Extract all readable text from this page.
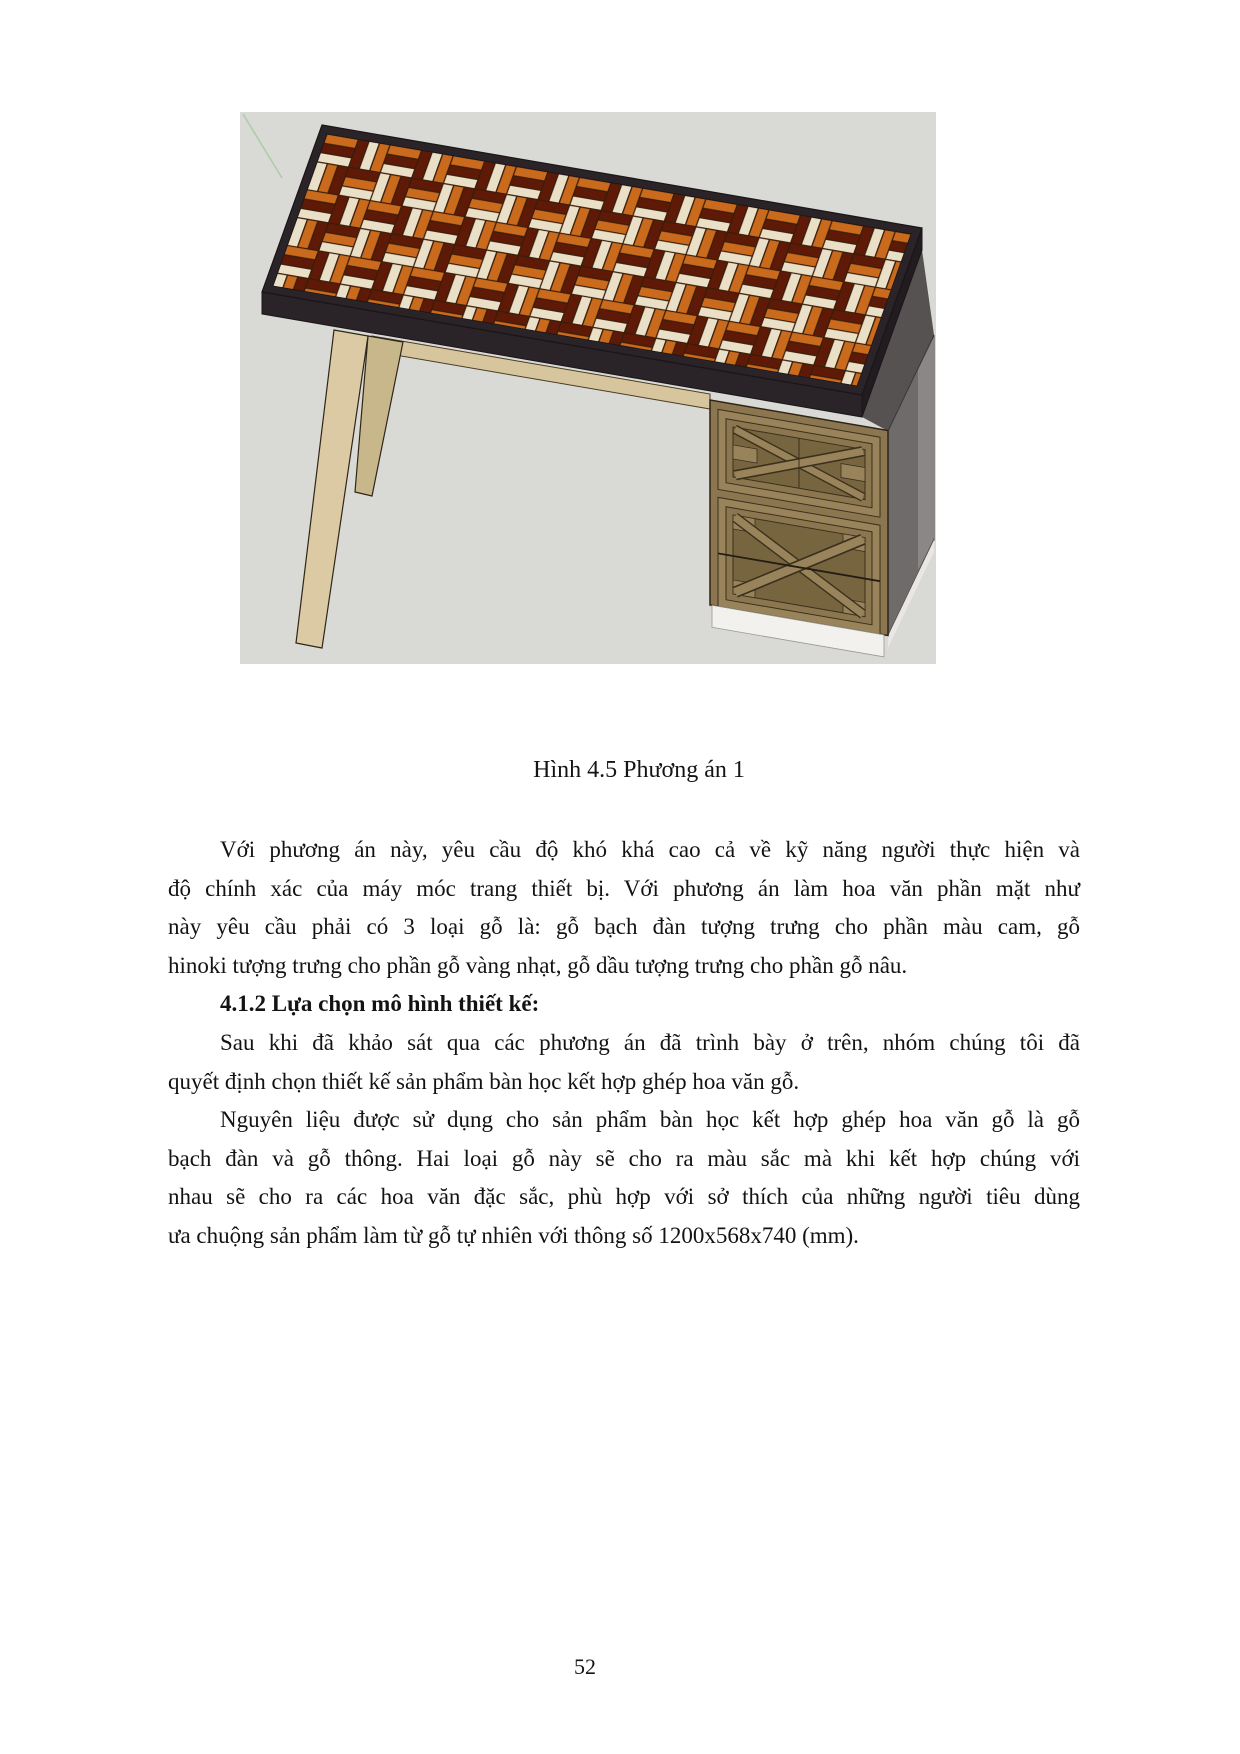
Hình 4.5 Phương án 1
Với phương án này, yêu cầu độ khó khá cao cả về kỹ năng người thực hiện và
độ chính xác của máy móc trang thiết bị. Với phương án làm hoa văn phần mặt như
này yêu cầu phải có 3 loại gỗ là: gỗ bạch đàn tượng trưng cho phần màu cam, gỗ
hinoki tượng trưng cho phần gỗ vàng nhạt, gỗ dầu tượng trưng cho phần gỗ nâu.
4.1.2 Lựa chọn mô hình thiết kế:
Sau khi đã khảo sát qua các phương án đã trình bày ở trên, nhóm chúng tôi đã
quyết định chọn thiết kế sản phẩm bàn học kết hợp ghép hoa văn gỗ.
Nguyên liệu được sử dụng cho sản phẩm bàn học kết hợp ghép hoa văn gỗ là gỗ
bạch đàn và gỗ thông. Hai loại gỗ này sẽ cho ra màu sắc mà khi kết hợp chúng với
nhau sẽ cho ra các hoa văn đặc sắc, phù hợp với sở thích của những người tiêu dùng
ưa chuộng sản phẩm làm từ gỗ tự nhiên với thông số 1200x568x740 (mm).
52
